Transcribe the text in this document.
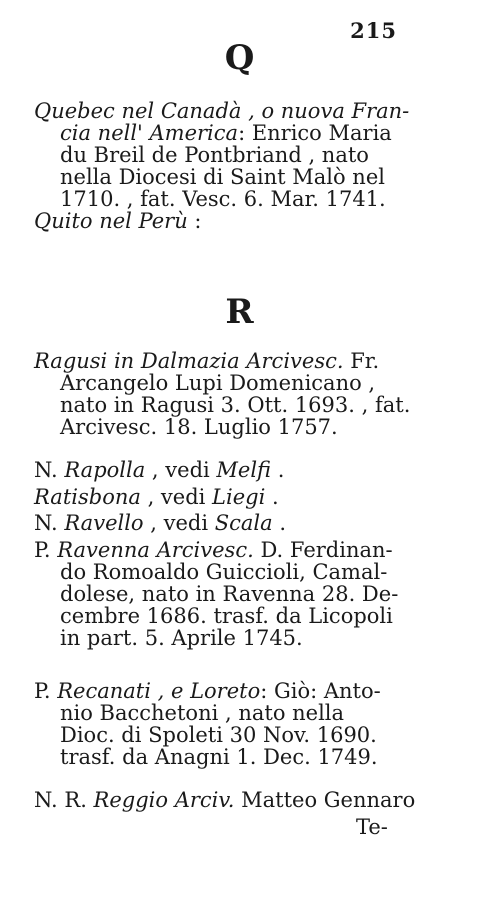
215
Q
R
Quebec nel Canadà , o nuova Fran-
cia nell' America: Enrico Maria
du Breil de Pontbriand , nato
nella Diocesi di Saint Malò nel
1710. , fat. Vesc. 6. Mar. 1741.
Quito nel Perù :
Ragusi in Dalmazia Arcivesc. Fr.
Arcangelo Lupi Domenicano ,
nato in Ragusi 3. Ott. 1693. , fat.
Arcivesc. 18. Luglio 1757.
N. Rapolla , vedi Melfi .
Ratisbona , vedi Liegi .
N. Ravello , vedi Scala .
P. Ravenna Arcivesc. D. Ferdinan-
do Romoaldo Guiccioli, Camal-
dolese, nato in Ravenna 28. De-
cembre 1686. trasf. da Licopoli
in part. 5. Aprile 1745.
P. Recanati , e Loreto: Giò: Anto-
nio Bacchetoni , nato nella
Dioc. di Spoleti 30 Nov. 1690.
trasf. da Anagni 1. Dec. 1749.
N. R. Reggio Arciv. Matteo Gennaro
Te-
